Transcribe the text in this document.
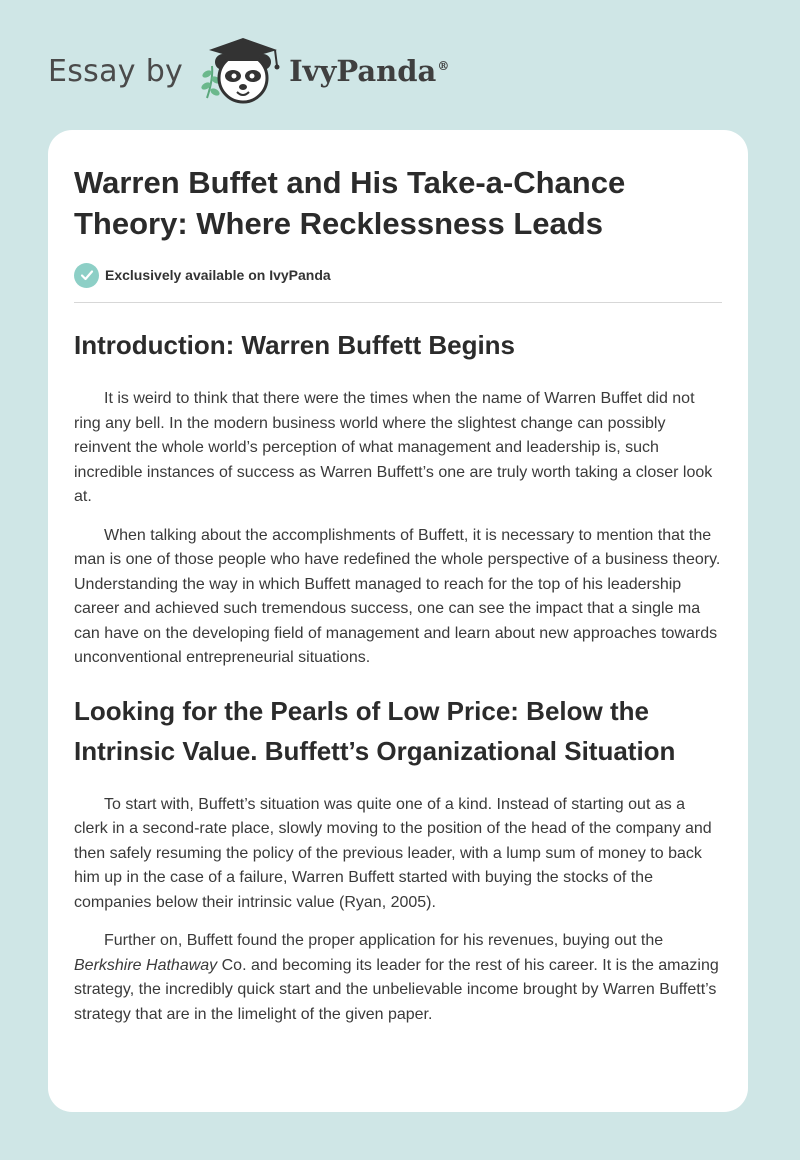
Essay by	IvyPanda®
Warren Buffet and His Take-a-Chance Theory: Where Recklessness Leads
Exclusively available on IvyPanda
Introduction: Warren Buffett Begins

It is weird to think that there were the times when the name of Warren Buffet did not ring any bell. In the modern business world where the slightest change can possibly reinvent the whole world’s perception of what management and leadership is, such incredible instances of success as Warren Buffett’s one are truly worth taking a closer look at.

When talking about the accomplishments of Buffett, it is necessary to mention that the man is one of those people who have redefined the whole perspective of a business theory. Understanding the way in which Buffett managed to reach for the top of his leadership career and achieved such tremendous success, one can see the impact that a single ma can have on the developing field of management and learn about new approaches towards unconventional entrepreneurial situations.

Looking for the Pearls of Low Price: Below the Intrinsic Value. Buffett’s Organizational Situation

To start with, Buffett’s situation was quite one of a kind. Instead of starting out as a clerk in a second-rate place, slowly moving to the position of the head of the company and then safely resuming the policy of the previous leader, with a lump sum of money to back him up in the case of a failure, Warren Buffett started with buying the stocks of the companies below their intrinsic value (Ryan, 2005).

Further on, Buffett found the proper application for his revenues, buying out the Berkshire Hathaway Co. and becoming its leader for the rest of his career. It is the amazing strategy, the incredibly quick start and the unbelievable income brought by Warren Buffett’s strategy that are in the limelight of the given paper.
